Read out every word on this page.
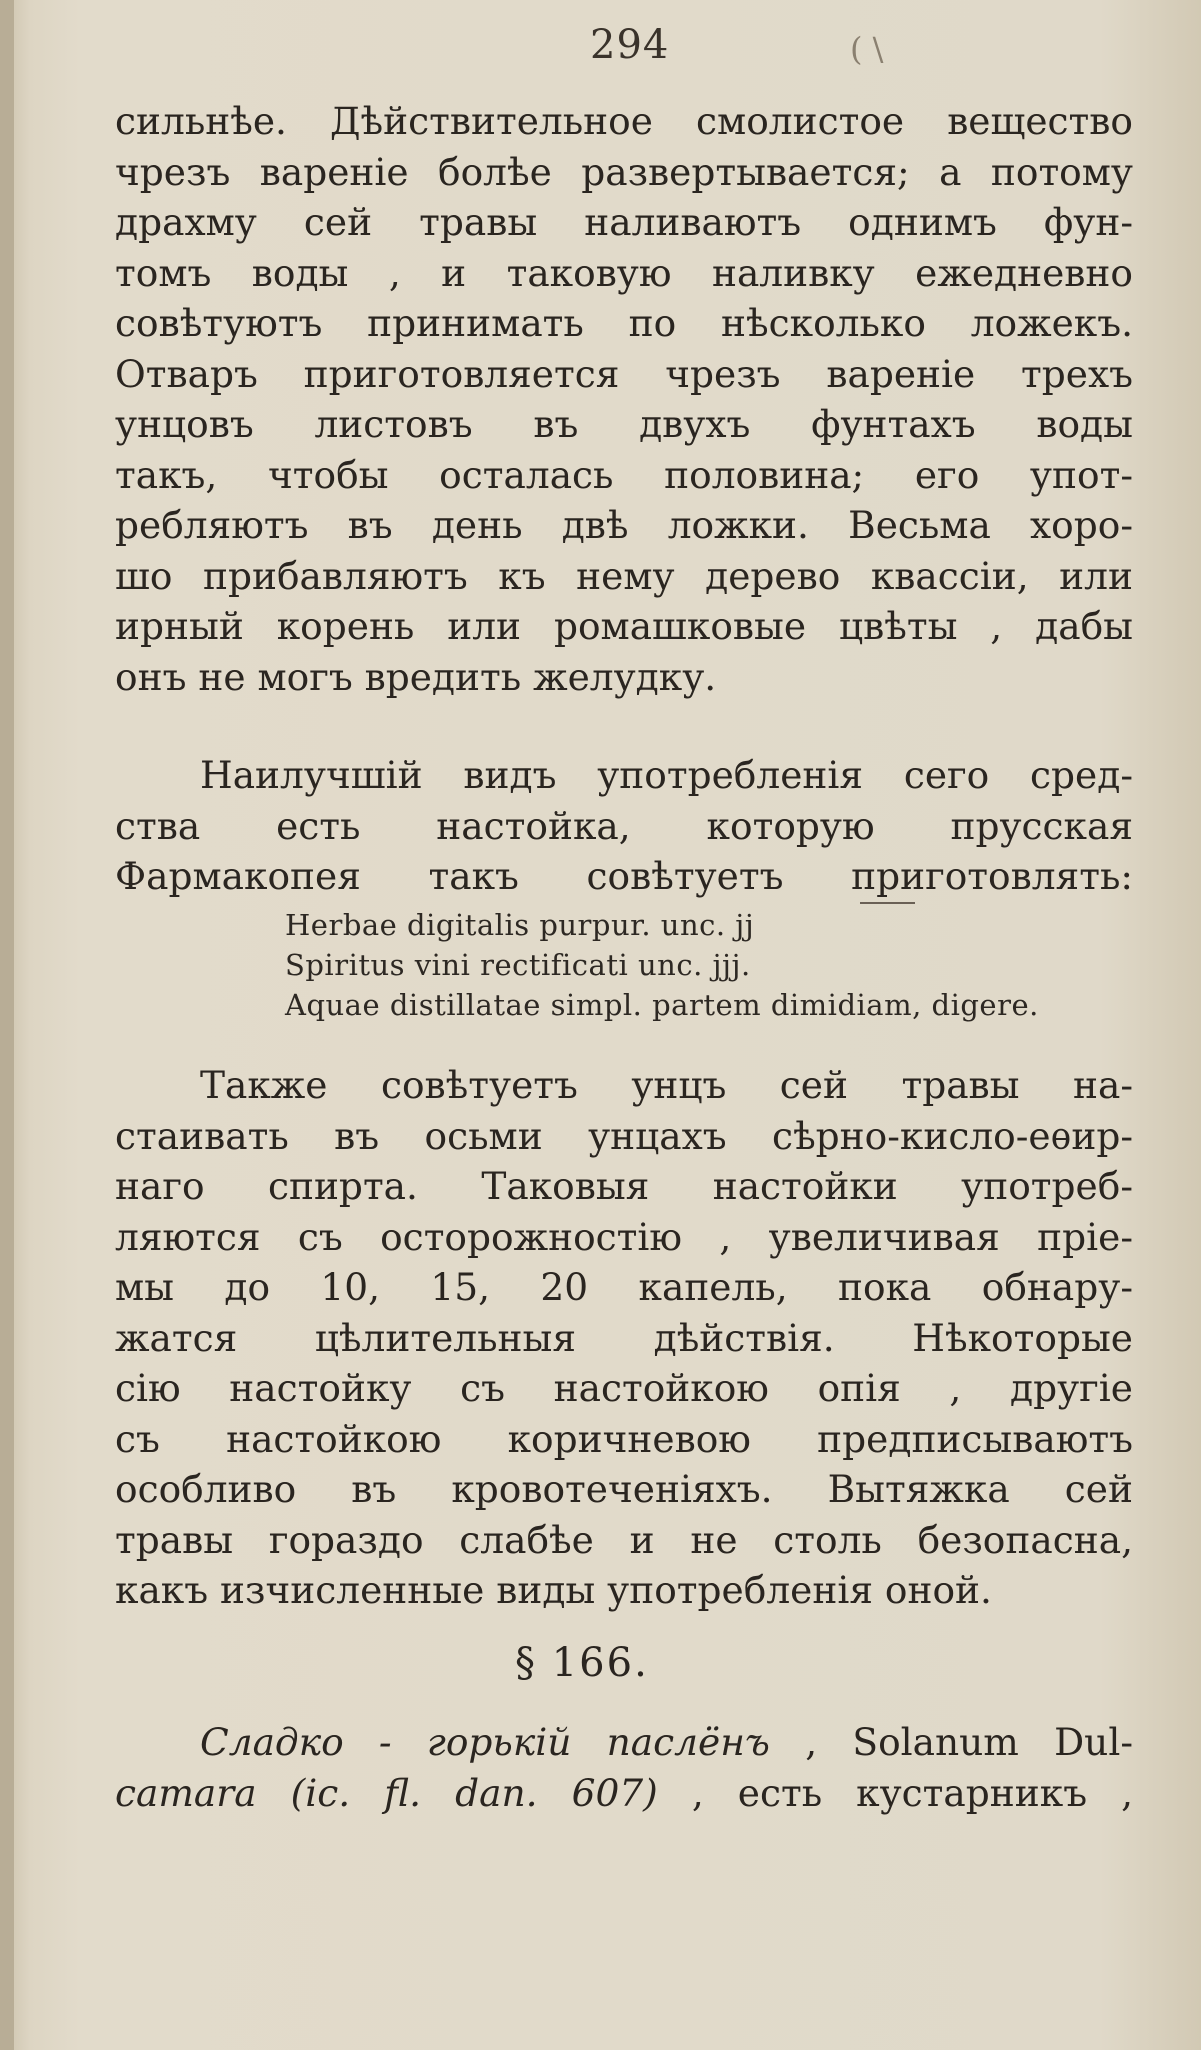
294	( \
сильнѣе. Дѣйствительное смолистое вещество
чрезъ вареніе болѣе развертывается; а потому
драхму сей травы наливаютъ однимъ фун-
томъ воды , и таковую наливку ежедневно
совѣтуютъ принимать по нѣсколько ложекъ.
Отваръ приготовляется чрезъ вареніе трехъ
унцовъ листовъ въ двухъ фунтахъ воды
такъ, чтобы осталась половина; его упот-
ребляютъ въ день двѣ ложки. Весьма хоро-
шо прибавляютъ къ нему дерево квассіи, или
ирный корень или ромашковые цвѣты , дабы
онъ не могъ вредить желудку.
Наилучшій видъ употребленія сего сред-
ства есть настойка, которую прусская
Фармакопея такъ совѣтуетъ приготовлять:
Herbae digitalis purpur. unc. jj
Spiritus vini rectificati unc. jjj.
Aquae distillatae simpl. partem dimidiam, digere.
Также совѣтуетъ унцъ сей травы на-
стаивать въ осьми унцахъ сѣрно-кисло-еѳир-
наго спирта. Таковыя настойки употреб-
ляются съ осторожностію , увеличивая пріе-
мы до 10, 15, 20 капель, пока обнару-
жатся цѣлительныя дѣйствія. Нѣкоторые
сію настойку съ настойкою опія , другіе
съ настойкою коричневою предписываютъ
особливо въ кровотеченіяхъ. Вытяжка сей
травы гораздо слабѣе и не столь безопасна,
какъ изчисленные виды употребленія оной.
§ 166.
Сладко - горькій паслёнъ , Solanum Dul-
camara (ic. fl. dan. 607) , есть кустарникъ ,
